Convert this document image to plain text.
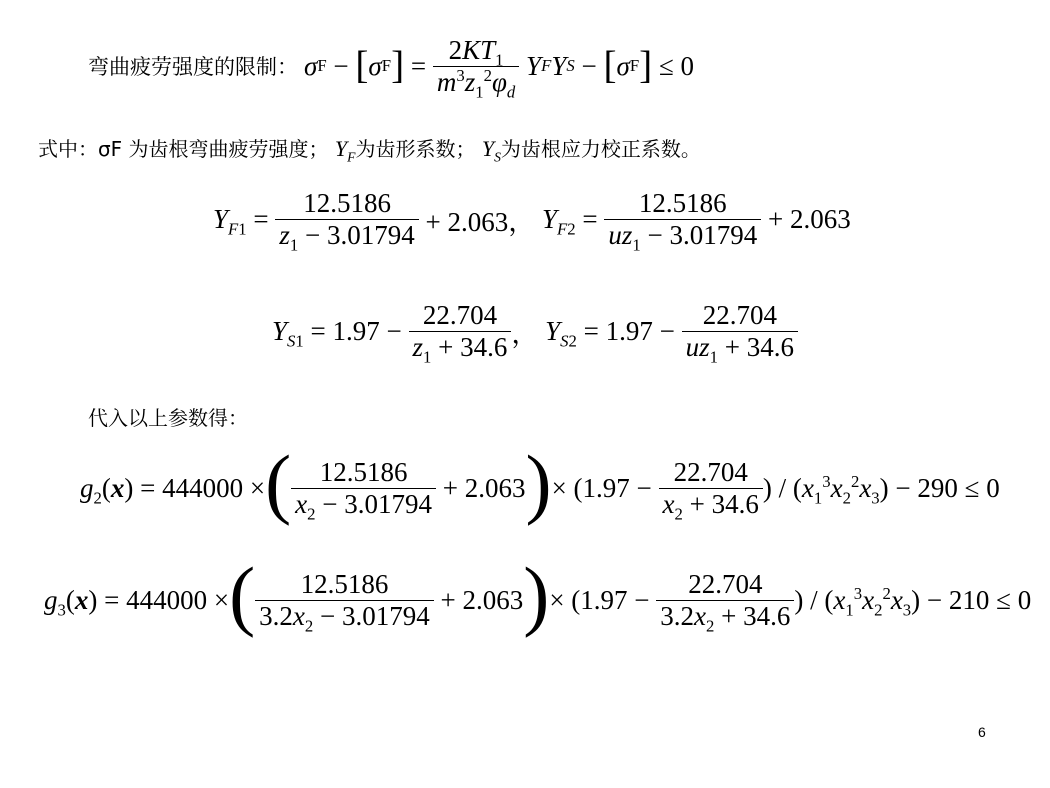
弯曲疲劳强度的限制： σ F − [ σ F ] = $\frac{2KT_1}{m^3z_1^2\varphi_d}$
Y F Y S − [ σ F ] ≤ 0
式中：σF 为齿根弯曲疲劳强度； $Y_F$为齿形系数； $Y_S$为齿根应力校正系数。
$Y_{F1} = \frac{12.5186}{z_1 - 3.01794} + 2.063$， $Y_{F2} = \frac{12.5186}{uz_1 - 3.01794} + 2.063$
$Y_{S1} = 1.97 - \frac{22.704}{z_1 + 34.6}$ ， $Y_{S2} = 1.97 - \frac{22.704}{uz_1 + 34.6}$
代入以上参数得：
$g_2(x) = 444000$ × ( $\frac{12.5186}{x_2 - 3.01794} + 2.063$ ) × ($1.97 - \frac{22.704}{x_2 + 34.6}$ ) / $(x_1^3x_2^2x_3) - 290 \le 0$
$g_3(x) = 444000$ × ( $\frac{12.5186}{3.2x_2 - 3.01794} + 2.063$ ) × ($1.97 - \frac{22.704}{3.2x_2 + 34.6}$ ) / $(x_1^3x_2^2x_3) - 210 \le 0$
6
